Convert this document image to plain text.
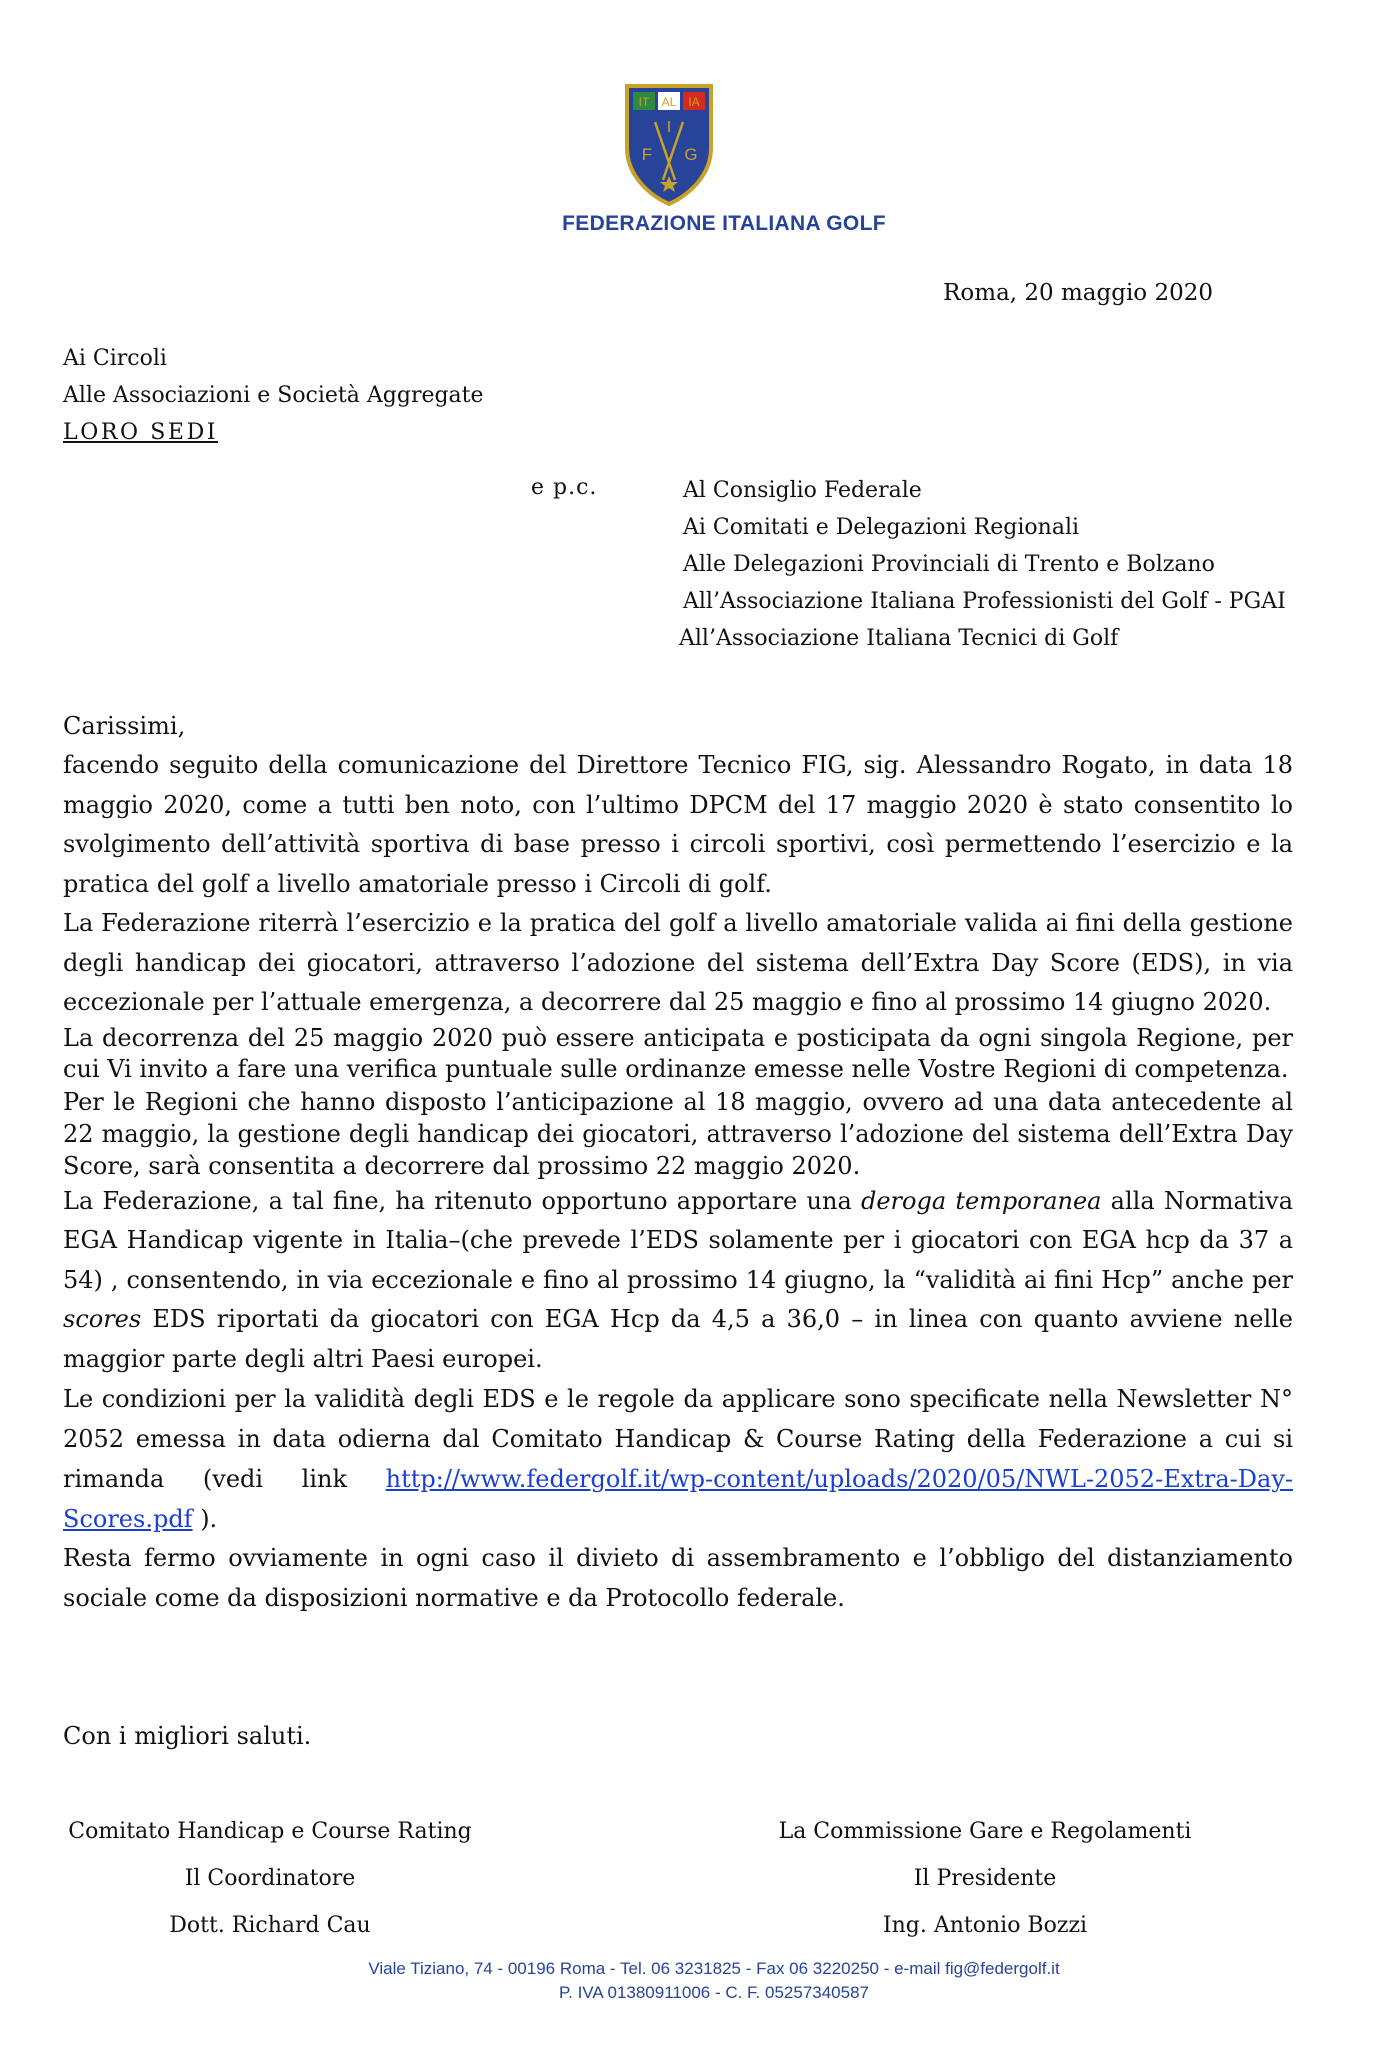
IT AL IA
I
F G
FEDERAZIONE ITALIANA GOLF
Roma, 20 maggio 2020
Ai Circoli
Alle Associazioni e Società Aggregate
LORO SEDI
e p.c.	Al Consiglio Federale
Ai Comitati e Delegazioni Regionali
Alle Delegazioni Provinciali di Trento e Bolzano
All’Associazione Italiana Professionisti del Golf - PGAI
All’Associazione Italiana Tecnici di Golf

Carissimi,

facendo seguito della comunicazione del Direttore Tecnico FIG, sig. Alessandro Rogato, in data 18 maggio 2020, come a tutti ben noto, con l’ultimo DPCM del 17 maggio 2020 è stato consentito lo svolgimento dell’attività sportiva di base presso i circoli sportivi, così permettendo l’esercizio e la pratica del golf a livello amatoriale presso i Circoli di golf.

La Federazione riterrà l’esercizio e la pratica del golf a livello amatoriale valida ai fini della gestione degli handicap dei giocatori, attraverso l’adozione del sistema dell’Extra Day Score (EDS), in via eccezionale per l’attuale emergenza, a decorrere dal 25 maggio e fino al prossimo 14 giugno 2020.

La decorrenza del 25 maggio 2020 può essere anticipata e posticipata da ogni singola Regione, per cui Vi invito a fare una verifica puntuale sulle ordinanze emesse nelle Vostre Regioni di competenza.

Per le Regioni che hanno disposto l’anticipazione al 18 maggio, ovvero ad una data antecedente al 22 maggio, la gestione degli handicap dei giocatori, attraverso l’adozione del sistema dell’Extra Day Score, sarà consentita a decorrere dal prossimo 22 maggio 2020.

La Federazione, a tal fine, ha ritenuto opportuno apportare una deroga temporanea alla Normativa EGA Handicap vigente in Italia–(che prevede l’EDS solamente per i giocatori con EGA hcp da 37 a 54) , consentendo, in via eccezionale e fino al prossimo 14 giugno, la “validità ai fini Hcp” anche per scores EDS riportati da giocatori con EGA Hcp da 4,5 a 36,0 – in linea con quanto avviene nelle maggior parte degli altri Paesi europei.

Le condizioni per la validità degli EDS e le regole da applicare sono specificate nella Newsletter N° 2052 emessa in data odierna dal Comitato Handicap & Course Rating della Federazione a cui si rimanda (vedi link http://www.federgolf.it/wp-content/uploads/2020/05/NWL-2052-Extra-Day-Scores.pdf ).

Resta fermo ovviamente in ogni caso il divieto di assembramento e l’obbligo del distanziamento sociale come da disposizioni normative e da Protocollo federale.

Con i migliori saluti.
Comitato Handicap e Course Rating
Il Coordinatore
Dott. Richard Cau
La Commissione Gare e Regolamenti
Il Presidente
Ing. Antonio Bozzi
Viale Tiziano, 74 - 00196 Roma - Tel. 06 3231825 - Fax 06 3220250 - e-mail fig@federgolf.it
P. IVA 01380911006 - C. F. 05257340587
